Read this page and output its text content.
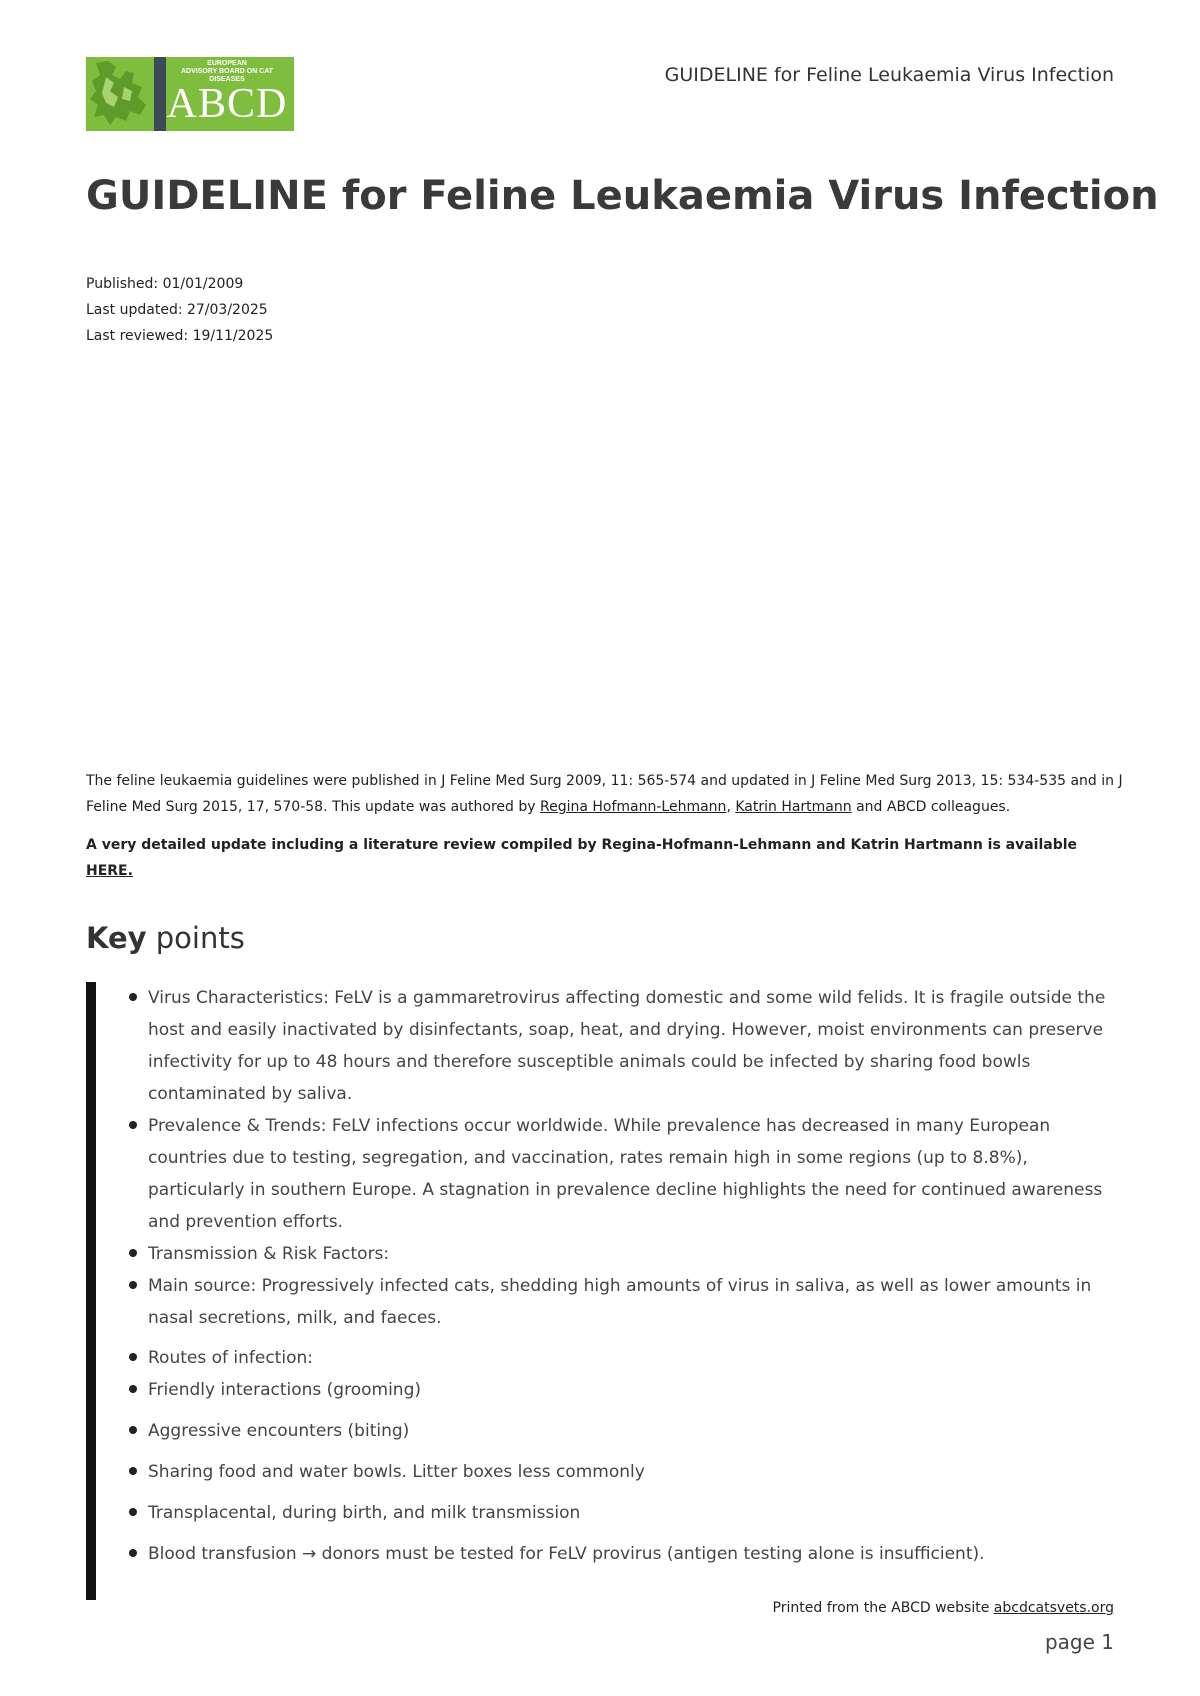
EUROPEAN
ADVISORY BOARD ON CAT DISEASES
ABCD
GUIDELINE for Feline Leukaemia Virus Infection
GUIDELINE for Feline Leukaemia Virus Infection
Published: 01/01/2009
Last updated: 27/03/2025
Last reviewed: 19/11/2025

The feline leukaemia guidelines were published in J Feline Med Surg 2009, 11: 565-574 and updated in J Feline Med Surg 2013, 15: 534-535 and in J Feline Med Surg 2015, 17, 570-58. This update was authored by Regina Hofmann-Lehmann, Katrin Hartmann and ABCD colleagues.

A very detailed update including a literature review compiled by Regina-Hofmann-Lehmann and Katrin Hartmann is available HERE.

Key points
Virus Characteristics: FeLV is a gammaretrovirus affecting domestic and some wild felids. It is fragile outside the host and easily inactivated by disinfectants, soap, heat, and drying. However, moist environments can preserve infectivity for up to 48 hours and therefore susceptible animals could be infected by sharing food bowls contaminated by saliva.
Prevalence & Trends: FeLV infections occur worldwide. While prevalence has decreased in many European countries due to testing, segregation, and vaccination, rates remain high in some regions (up to 8.8%), particularly in southern Europe. A stagnation in prevalence decline highlights the need for continued awareness and prevention efforts.
Transmission & Risk Factors:
Main source: Progressively infected cats, shedding high amounts of virus in saliva, as well as lower amounts in nasal secretions, milk, and faeces.
Routes of infection:
Friendly interactions (grooming)
Aggressive encounters (biting)
Sharing food and water bowls. Litter boxes less commonly
Transplacental, during birth, and milk transmission
Blood transfusion → donors must be tested for FeLV provirus (antigen testing alone is insufficient).
Printed from the ABCD website abcdcatsvets.org
page 1
